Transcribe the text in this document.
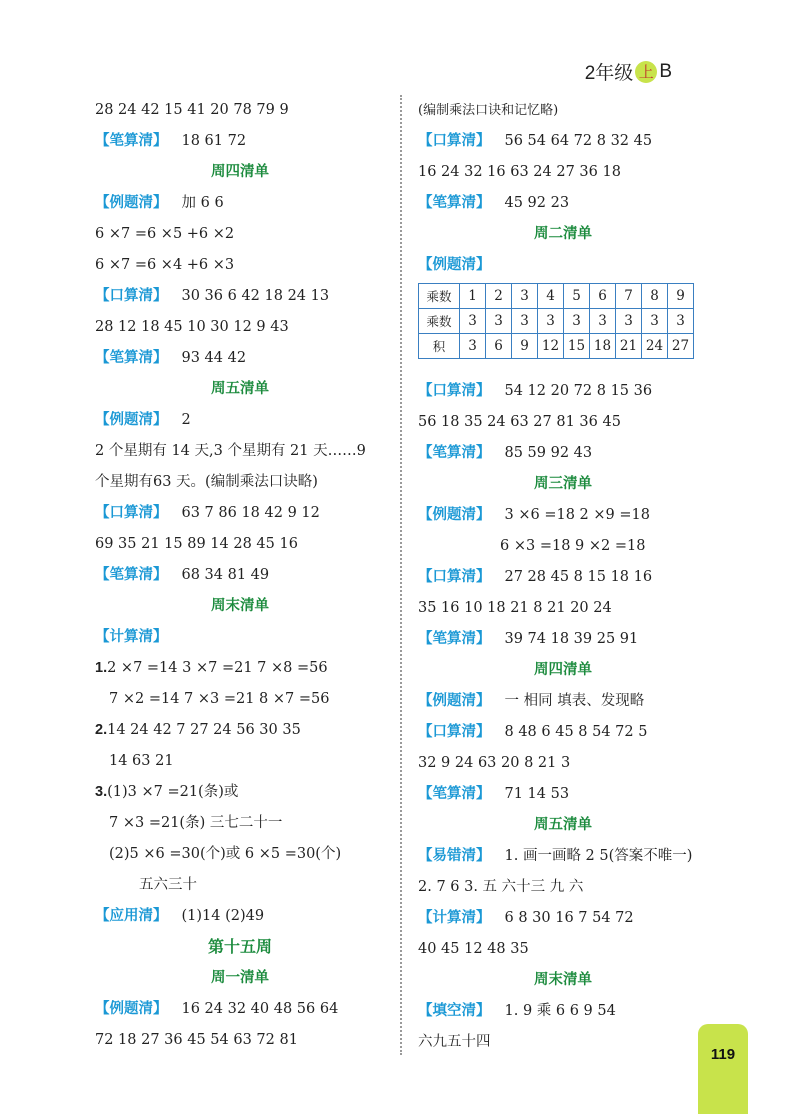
2年级 上 B
28 24 42 15 41 20 78 79 9
【笔算清】 18 61 72
周四清单
【例题清】 加 6 6
6 ×7 =6 ×5 +6 ×2
6 ×7 =6 ×4 +6 ×3
【口算清】 30 36 6 42 18 24 13
28 12 18 45 10 30 12 9 43
【笔算清】 93 44 42
周五清单
【例题清】 2
2 个星期有 14 天,3 个星期有 21 天……9
个星期有63 天。(编制乘法口诀略)
【口算清】 63 7 86 18 42 9 12
69 35 21 15 89 14 28 45 16
【笔算清】 68 34 81 49
周末清单
【计算清】
1.2 ×7 =14 3 ×7 =21 7 ×8 =56
7 ×2 =14 7 ×3 =21 8 ×7 =56
2.14 24 42 7 27 24 56 30 35
14 63 21
3.(1)3 ×7 =21(条)或
7 ×3 =21(条) 三七二十一
(2)5 ×6 =30(个)或 6 ×5 =30(个)
五六三十
【应用清】 (1)14 (2)49
第十五周
周一清单
【例题清】 16 24 32 40 48 56 64
72 18 27 36 45 54 63 72 81
(编制乘法口诀和记忆略)
【口算清】 56 54 64 72 8 32 45
16 24 32 16 63 24 27 36 18
【笔算清】 45 92 23
周二清单
【例题清】
乘数	1	2	3	4	5	6	7	8	9
乘数	3	3	3	3	3	3	3	3	3
积	3	6	9	12	15	18	21	24	27
【口算清】 54 12 20 72 8 15 36
56 18 35 24 63 27 81 36 45
【笔算清】 85 59 92 43
周三清单
【例题清】 3 ×6 =18 2 ×9 =18
6 ×3 =18 9 ×2 =18
【口算清】 27 28 45 8 15 18 16
35 16 10 18 21 8 21 20 24
【笔算清】 39 74 18 39 25 91
周四清单
【例题清】 一 相同 填表、发现略
【口算清】 8 48 6 45 8 54 72 5
32 9 24 63 20 8 21 3
【笔算清】 71 14 53
周五清单
【易错清】 1. 画一画略 2 5(答案不唯一)
2. 7 6 3. 五 六十三 九 六
【计算清】 6 8 30 16 7 54 72
40 45 12 48 35
周末清单
【填空清】 1. 9 乘 6 6 9 54
六九五十四
119
